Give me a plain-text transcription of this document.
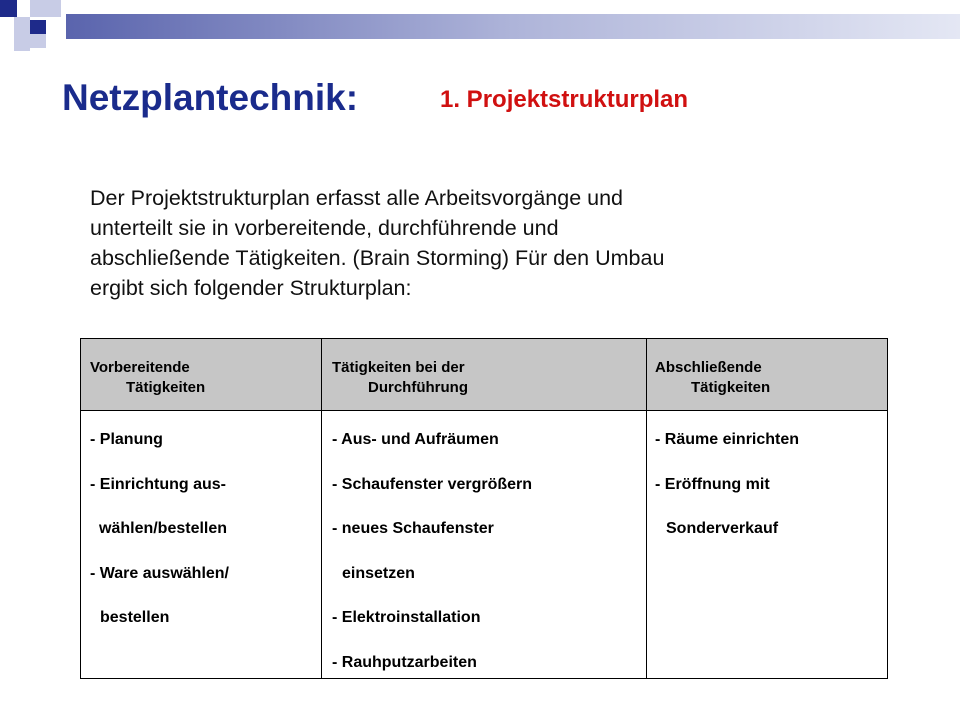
Netzplantechnik:	1. Projektstrukturplan
Der Projektstrukturplan erfasst alle Arbeitsvorgänge und
unterteilt sie in vorbereitende, durchführende und
abschließende Tätigkeiten. (Brain Storming) Für den Umbau
ergibt sich folgender Strukturplan:
Vorbereitende
Tätigkeiten
Tätigkeiten bei der
Durchführung
Abschließende
Tätigkeiten
- Planung
- Einrichtung aus-
wählen/bestellen
- Ware auswählen/
bestellen
- Aus- und Aufräumen
- Schaufenster vergrößern
- neues Schaufenster
einsetzen
- Elektroinstallation
- Rauhputzarbeiten
- Räume einrichten
- Eröffnung mit
Sonderverkauf
